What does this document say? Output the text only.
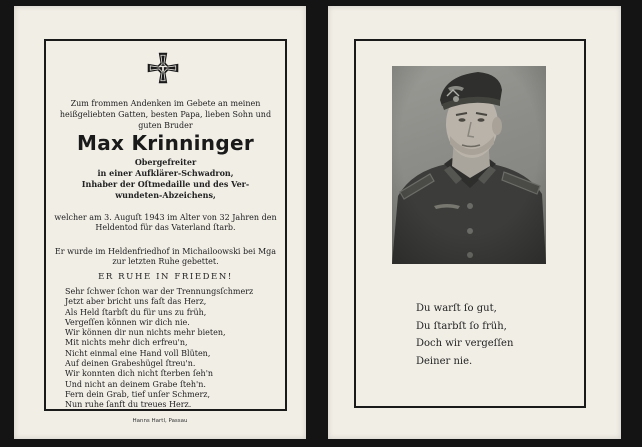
Zum frommen Andenken im Gebete an meinen heißgeliebten Gatten, besten Papa, lieben Sohn und guten Bruder
Max Krinninger
Obergefreiter
in einer Aufklärer-Schwadron,
Inhaber der Oſtmedaille und des Ver-
wundeten-Abzeichens,
welcher am 3. Auguſt 1943 im Alter von 32 Jahren den Heldentod für das Vaterland ſtarb.
Er wurde im Heldenfriedhof in Michailoowski bei Mga zur letzten Ruhe gebettet.
ER RUHE IN FRIEDEN!
Sehr ſchwer ſchon war der Trennungsſchmerz
Jetzt aber bricht uns faſt das Herz,
Als Held ſtarbſt du für uns zu früh,
Vergeſſen können wir dich nie.
Wir können dir nun nichts mehr bieten,
Mit nichts mehr dich erfreu'n,
Nicht einmal eine Hand voll Blüten,
Auf deinen Grabeshügel ſtreu'n.
Wir konnten dich nicht ſterben ſeh'n
Und nicht an deinem Grabe ſteh'n.
Fern dein Grab, tief unſer Schmerz,
Nun ruhe ſanft du treues Herz.
Hanns Hartl, Passau
Du warſt ſo gut,
Du ſtarbſt ſo früh,
Doch wir vergeſſen
Deiner nie.
